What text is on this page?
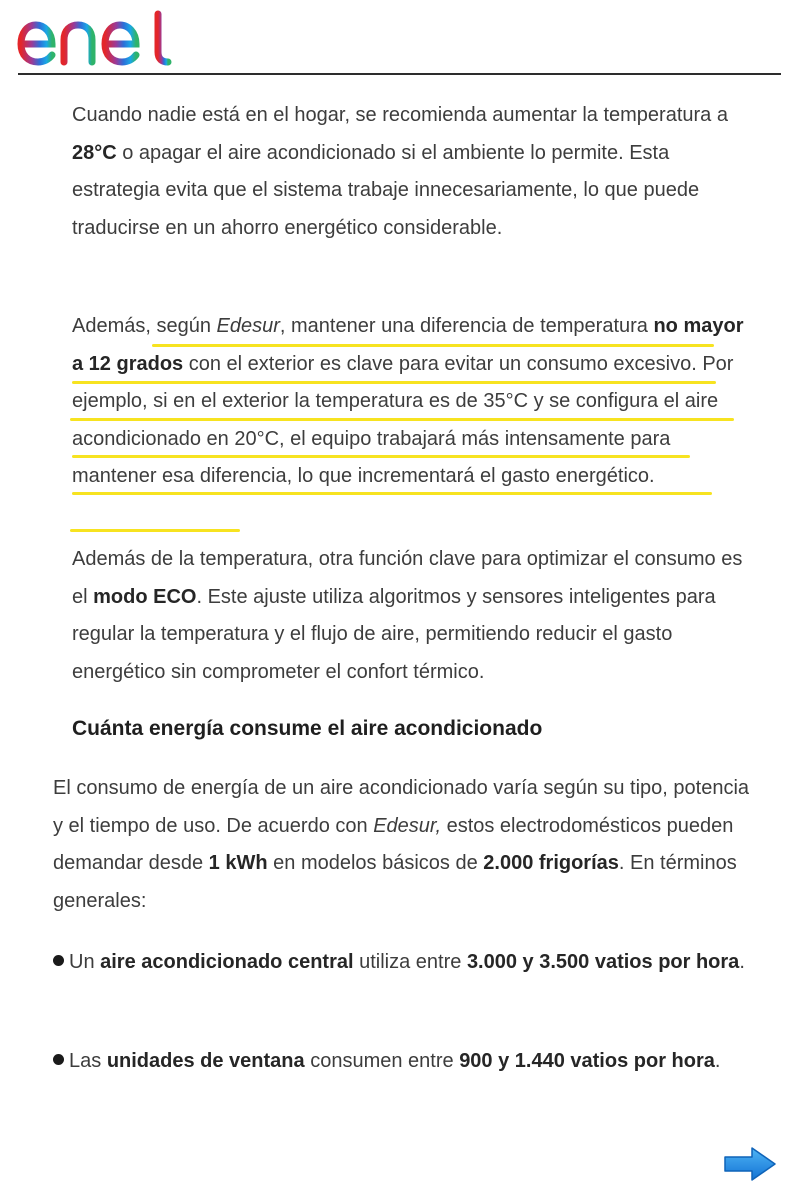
enel

Cuando nadie está en el hogar, se recomienda aumentar la temperatura a 28°C o apagar el aire acondicionado si el ambiente lo permite. Esta estrategia evita que el sistema trabaje innecesariamente, lo que puede traducirse en un ahorro energético considerable.

Además, según Edesur, mantener una diferencia de temperatura no mayor a 12 grados con el exterior es clave para evitar un consumo excesivo. Por ejemplo, si en el exterior la temperatura es de 35°C y se configura el aire acondicionado en 20°C, el equipo trabajará más intensamente para mantener esa diferencia, lo que incrementará el gasto energético.

Además de la temperatura, otra función clave para optimizar el consumo es el modo ECO. Este ajuste utiliza algoritmos y sensores inteligentes para regular la temperatura y el flujo de aire, permitiendo reducir el gasto energético sin comprometer el confort térmico.

Cuánta energía consume el aire acondicionado

El consumo de energía de un aire acondicionado varía según su tipo, potencia y el tiempo de uso. De acuerdo con Edesur, estos electrodomésticos pueden demandar desde 1 kWh en modelos básicos de 2.000 frigorías. En términos generales:

Un aire acondicionado central utiliza entre 3.000 y 3.500 vatios por hora.

Las unidades de ventana consumen entre 900 y 1.440 vatios por hora.
